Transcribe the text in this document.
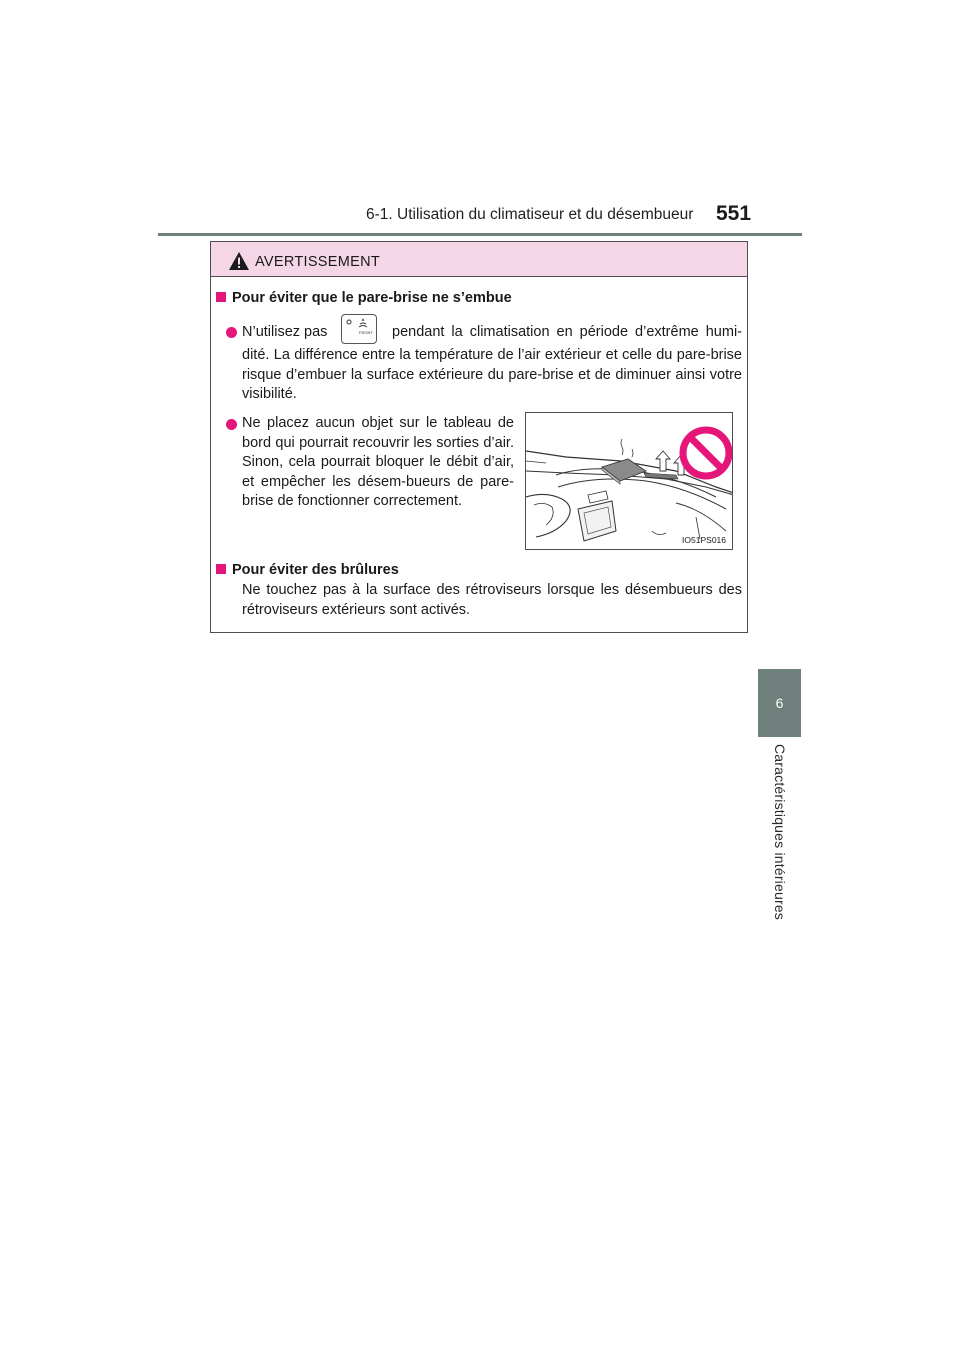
6-1. Utilisation du climatiseur et du désembueur 551
6
Caractéristiques intérieures
AVERTISSEMENT
Pour éviter que le pare-brise ne s’embue
N’utilisez pas	FRONT pendant la climatisation en période d’extrême humi-
dité. La différence entre la température de l’air extérieur et celle du pare-brise risque d’embuer la surface extérieure du pare-brise et de diminuer ainsi votre visibilité.
Ne placez aucun objet sur le tableau de bord qui pourrait recouvrir les sorties d’air. Sinon, cela pourrait bloquer le débit d’air, et empêcher les désem-bueurs de pare-brise de fonctionner correctement.
IO51PS016
Pour éviter des brûlures
Ne touchez pas à la surface des rétroviseurs lorsque les désembueurs des rétroviseurs extérieurs sont activés.
